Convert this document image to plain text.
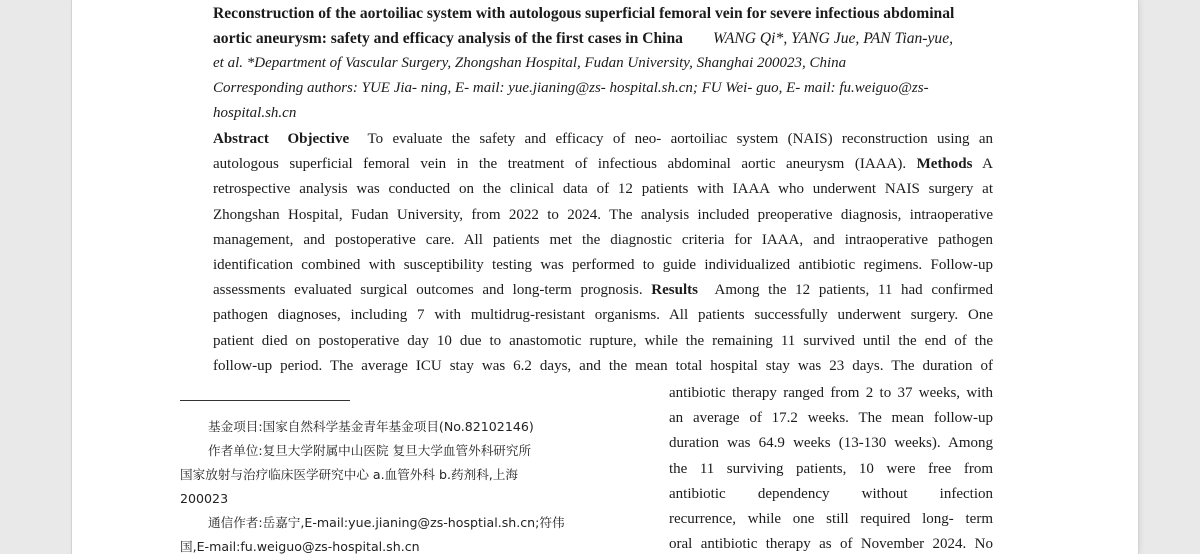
Reconstruction of the aortoiliac system with autologous superficial femoral vein for severe infectious abdominal
aortic aneurysm: safety and efficacy analysis of the first cases in China WANG Qi*, YANG Jue, PAN Tian-yue,
et al. *Department of Vascular Surgery, Zhongshan Hospital, Fudan University, Shanghai 200023, China
Corresponding authors: YUE Jia- ning, E- mail: yue.jianing@zs- hospital.sh.cn; FU Wei- guo, E- mail: fu.weiguo@zs-
hospital.sh.cn
Abstract Objective To evaluate the safety and efficacy of neo- aortoiliac system (NAIS) reconstruction using an
autologous superficial femoral vein in the treatment of infectious abdominal aortic aneurysm (IAAA). Methods A
retrospective analysis was conducted on the clinical data of 12 patients with IAAA who underwent NAIS surgery at
Zhongshan Hospital, Fudan University, from 2022 to 2024. The analysis included preoperative diagnosis, intraoperative
management, and postoperative care. All patients met the diagnostic criteria for IAAA, and intraoperative pathogen
identification combined with susceptibility testing was performed to guide individualized antibiotic regimens. Follow-up
assessments evaluated surgical outcomes and long-term prognosis. Results Among the 12 patients, 11 had confirmed
pathogen diagnoses, including 7 with multidrug-resistant organisms. All patients successfully underwent surgery. One
patient died on postoperative day 10 due to anastomotic rupture, while the remaining 11 survived until the end of the
follow-up period. The average ICU stay was 6.2 days, and the mean total hospital stay was 23 days. The duration of
基金项目:国家自然科学基金青年基金项目(No.82102146)
作者单位:复旦大学附属中山医院 复旦大学血管外科研究所
国家放射与治疗临床医学研究中心 a.血管外科 b.药剂科,上海
200023
通信作者:岳嘉宁,E-mail:yue.jianing@zs-hosptial.sh.cn;符伟
国,E-mail:fu.weiguo@zs-hospital.sh.cn
antibiotic therapy ranged from 2 to 37 weeks, with
an average of 17.2 weeks. The mean follow-up
duration was 64.9 weeks (13-130 weeks). Among
the 11 surviving patients, 10 were free from
antibiotic dependency without infection
recurrence, while one still required long- term
oral antibiotic therapy as of November 2024. No
